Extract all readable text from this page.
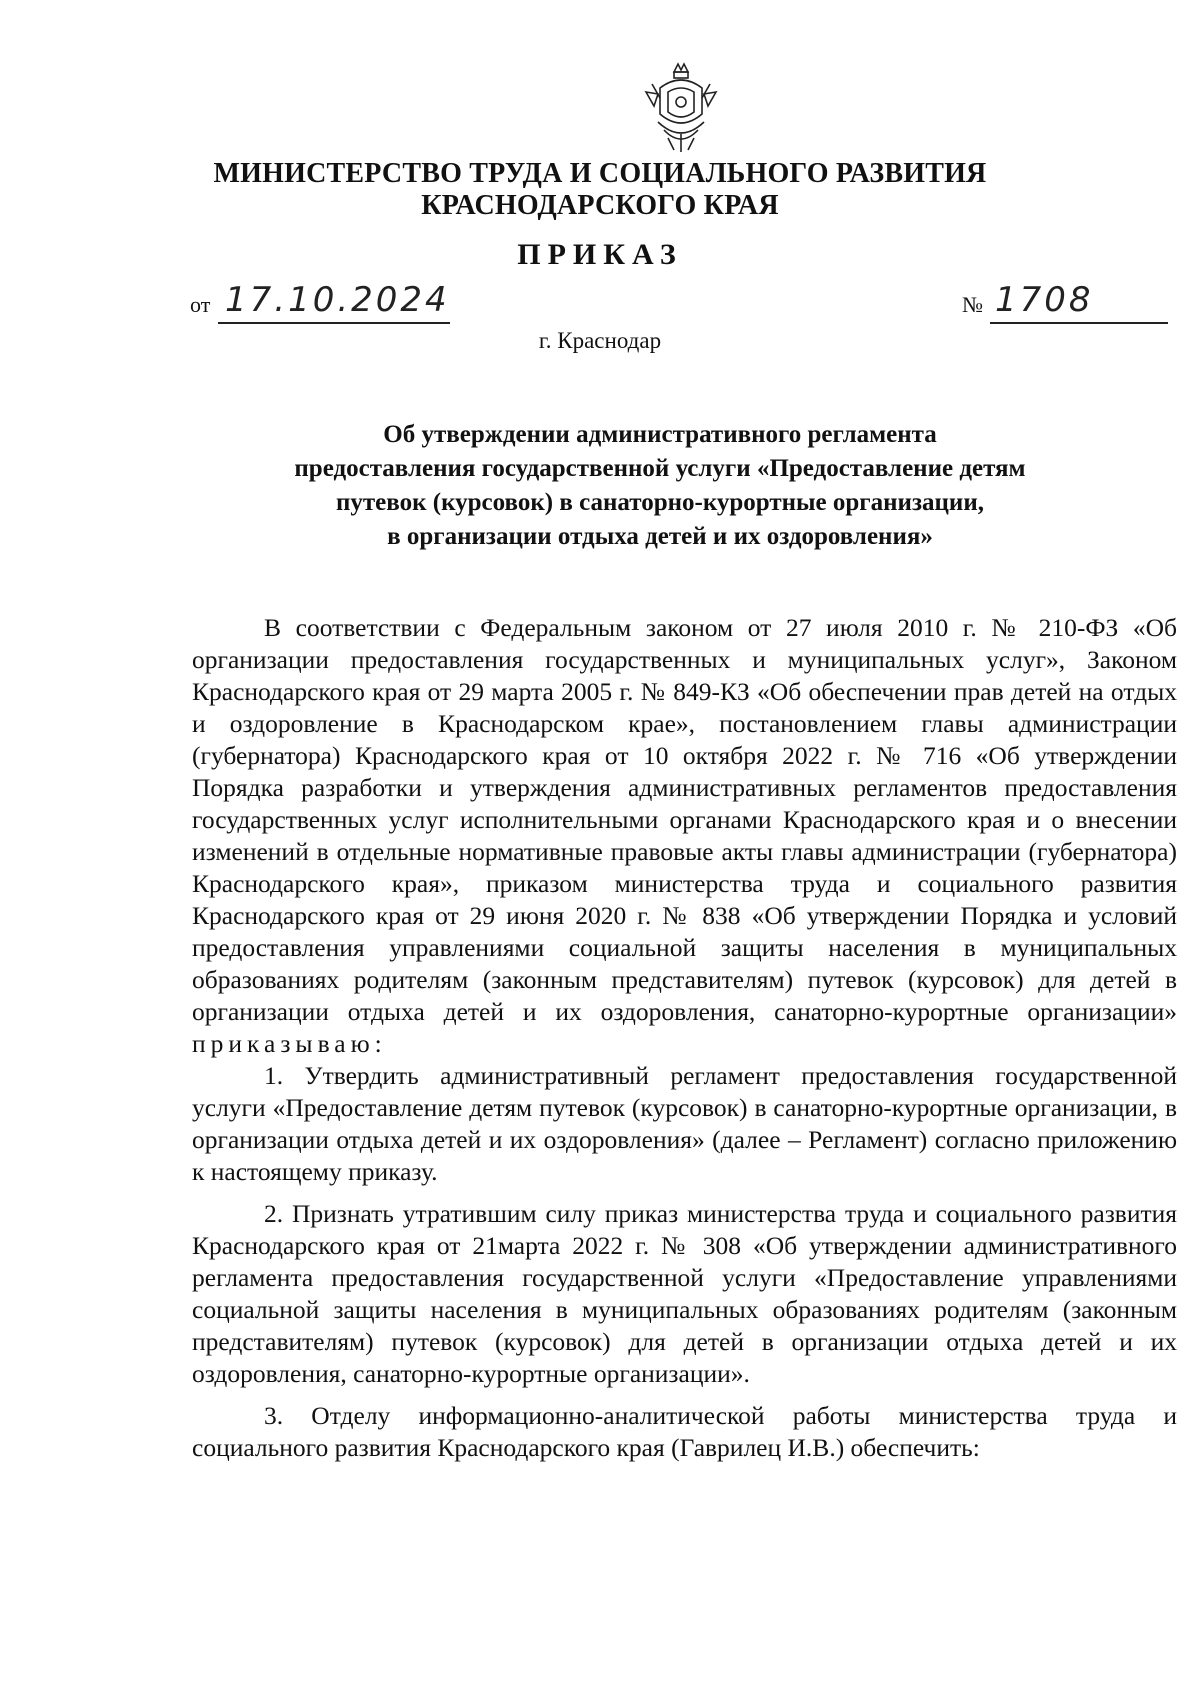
МИНИСТЕРСТВО ТРУДА И СОЦИАЛЬНОГО РАЗВИТИЯ
КРАСНОДАРСКОГО КРАЯ
ПРИКАЗ
от 17.10.2024	№ 1708
г. Краснодар
Об утверждении административного регламента
предоставления государственной услуги «Предоставление детям
путевок (курсовок) в санаторно-курортные организации,
в организации отдыха детей и их оздоровления»

В соответствии с Федеральным законом от 27 июля 2010 г. № 210-ФЗ «Об организации предоставления государственных и муниципальных услуг», Законом Краснодарского края от 29 марта 2005 г. № 849-КЗ «Об обеспечении прав детей на отдых и оздоровление в Краснодарском крае», постановлением главы администрации (губернатора) Краснодарского края от 10 октября 2022 г. № 716 «Об утверждении Порядка разработки и утверждения административных регламентов предоставления государственных услуг исполнительными органами Краснодарского края и о внесении изменений в отдельные нормативные правовые акты главы администрации (губернатора) Краснодарского края», приказом министерства труда и социального развития Краснодарского края от 29 июня 2020 г. № 838 «Об утверждении Порядка и условий предоставления управлениями социальной защиты населения в муниципальных образованиях родителям (законным представителям) путевок (курсовок) для детей в организации отдыха детей и их оздоровления, санаторно-курортные организации» приказываю:

1. Утвердить административный регламент предоставления государственной услуги «Предоставление детям путевок (курсовок) в санаторно-курортные организации, в организации отдыха детей и их оздоровления» (далее – Регламент) согласно приложению к настоящему приказу.

2. Признать утратившим силу приказ министерства труда и социального развития Краснодарского края от 21марта 2022 г. № 308 «Об утверждении административного регламента предоставления государственной услуги «Предоставление управлениями социальной защиты населения в муниципальных образованиях родителям (законным представителям) путевок (курсовок) для детей в организации отдыха детей и их оздоровления, санаторно-курортные организации».

3. Отделу информационно-аналитической работы министерства труда и социального развития Краснодарского края (Гаврилец И.В.) обеспечить:
